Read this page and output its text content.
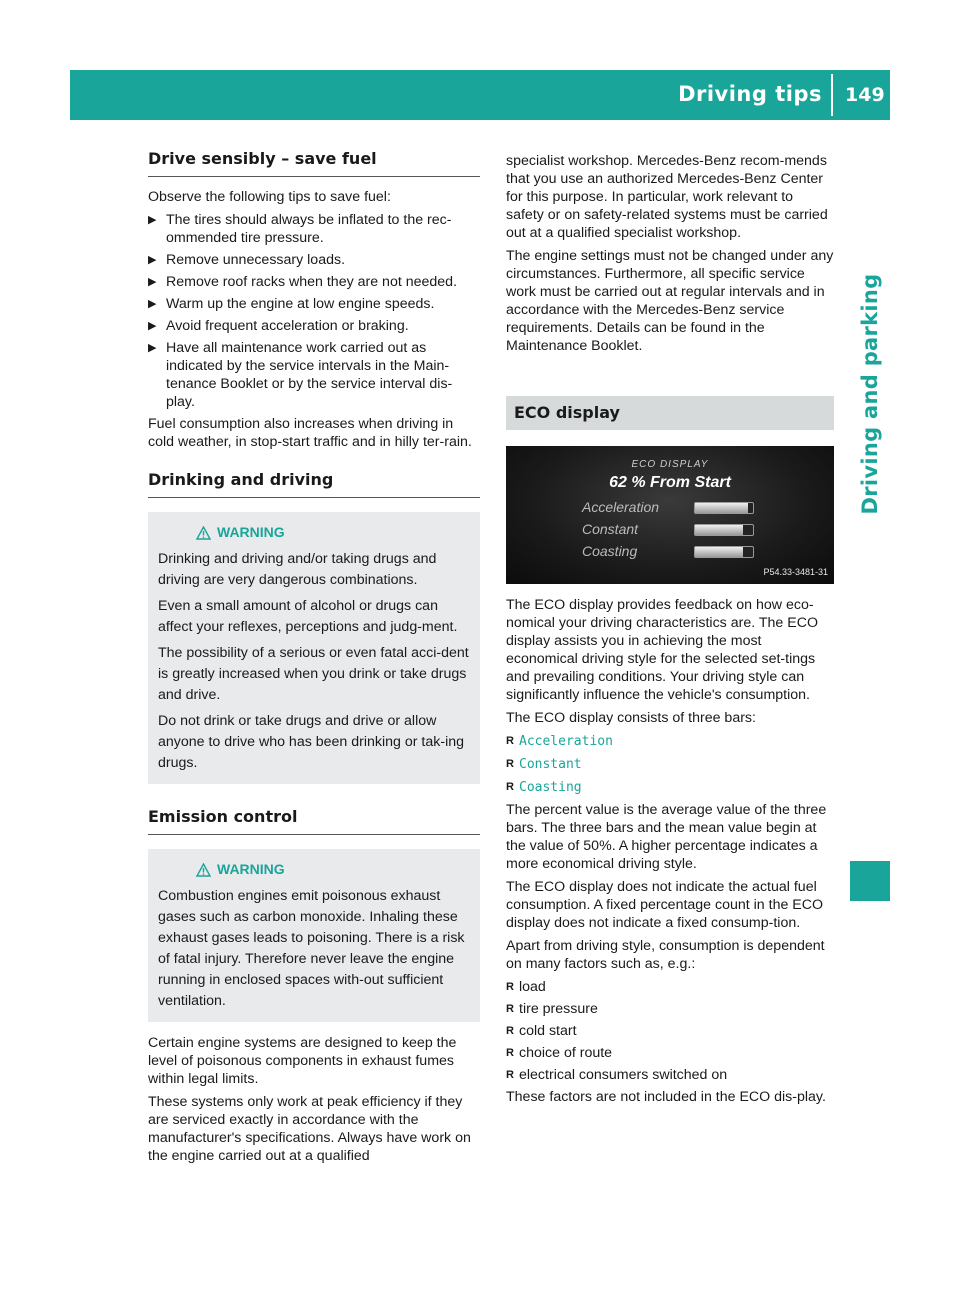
Driving tips 149
Driving and parking
Drive sensibly – save fuel

Observe the following tips to save fuel:

▶ The tires should always be inflated to the rec-ommended tire pressure.
▶ Remove unnecessary loads.
▶ Remove roof racks when they are not needed.
▶ Warm up the engine at low engine speeds.
▶ Avoid frequent acceleration or braking.
▶ Have all maintenance work carried out as indicated by the service intervals in the Main-tenance Booklet or by the service interval dis-play.

Fuel consumption also increases when driving in cold weather, in stop-start traffic and in hilly ter-rain.

Drinking and driving
WARNING

Drinking and driving and/or taking drugs and driving are very dangerous combinations.

Even a small amount of alcohol or drugs can affect your reflexes, perceptions and judg-ment.

The possibility of a serious or even fatal acci-dent is greatly increased when you drink or take drugs and drive.

Do not drink or take drugs and drive or allow anyone to drive who has been drinking or tak-ing drugs.

Emission control
WARNING

Combustion engines emit poisonous exhaust gases such as carbon monoxide. Inhaling these exhaust gases leads to poisoning. There is a risk of fatal injury. Therefore never leave the engine running in enclosed spaces with-out sufficient ventilation.

Certain engine systems are designed to keep the level of poisonous components in exhaust fumes within legal limits.

These systems only work at peak efficiency if they are serviced exactly in accordance with the manufacturer's specifications. Always have work on the engine carried out at a qualified

specialist workshop. Mercedes-Benz recom-mends that you use an authorized Mercedes-Benz Center for this purpose. In particular, work relevant to safety or on safety-related systems must be carried out at a qualified specialist workshop.

The engine settings must not be changed under any circumstances. Furthermore, all specific service work must be carried out at regular intervals and in accordance with the Mercedes-Benz service requirements. Details can be found in the Maintenance Booklet.

ECO display
ECO DISPLAY
62 % From Start
Acceleration
Constant
Coasting
P54.33-3481-31

The ECO display provides feedback on how eco-nomical your driving characteristics are. The ECO display assists you in achieving the most economical driving style for the selected set-tings and prevailing conditions. Your driving style can significantly influence the vehicle's consumption.

The ECO display consists of three bars:

R Acceleration
R Constant
R Coasting

The percent value is the average value of the three bars. The three bars and the mean value begin at the value of 50%. A higher percentage indicates a more economical driving style.

The ECO display does not indicate the actual fuel consumption. A fixed percentage count in the ECO display does not indicate a fixed consump-tion.

Apart from driving style, consumption is dependent on many factors such as, e.g.:

R load
R tire pressure
R cold start
R choice of route
R electrical consumers switched on

These factors are not included in the ECO dis-play.
